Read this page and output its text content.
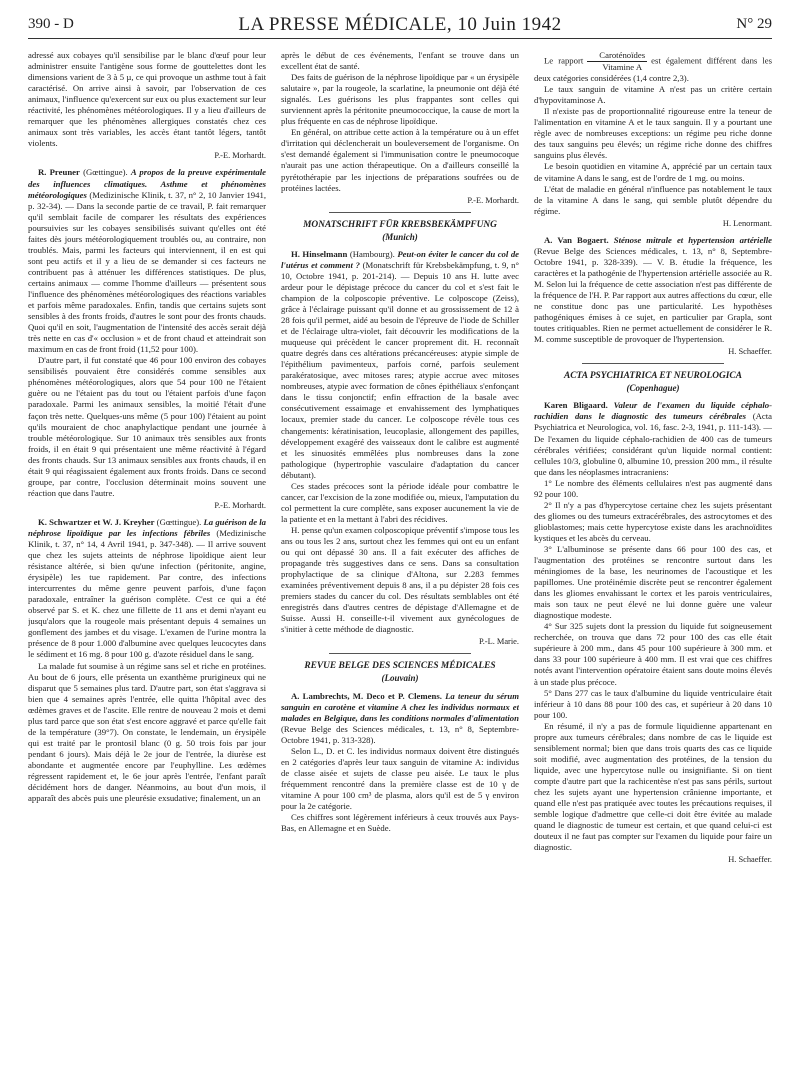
390 - D	LA PRESSE MÉDICALE, 10 Juin 1942	N° 29

adressé aux cobayes qu'il sensibilise par le blanc d'œuf pour leur administrer ensuite l'antigène sous forme de gouttelettes dont les dimensions varient de 3 à 5 µ, ce qui provoque un asthme tout à fait caractérisé. On arrive ainsi à savoir, par l'observation de ces animaux, l'influence qu'exercent sur eux ou plus exactement sur leur réactivité, les phénomènes météorologiques. Il y a lieu d'ailleurs de remarquer que les phénomènes allergiques constatés chez ces animaux sont très variables, les accès étant tantôt légers, tantôt violents.

P.-E. Morhardt.

R. Preuner (Gœttingue). A propos de la preuve expérimentale des influences climatiques. Asthme et phénomènes météorologiques (Medizinische Klinik, t. 37, n° 2, 10 Janvier 1941, p. 32-34). — Dans la seconde partie de ce travail, P. fait remarquer qu'il semblait facile de comparer les résultats des expériences poursuivies sur les cobayes sensibilisés suivant qu'elles ont été faites dès jours météorologiquement troublés ou, au contraire, non troublés. Mais, parmi les facteurs qui interviennent, il en est qui sont peu actifs et il y a lieu de se demander si ces facteurs ne contribuent pas à atténuer les différences statistiques. De plus, certains animaux — comme l'homme d'ailleurs — présentent sous l'influence des phénomènes météorologiques des réactions variables et parfois même paradoxales. Enfin, tandis que certains sujets sont sensibles à des fronts froids, d'autres le sont pour des fronts chauds. Quoi qu'il en soit, l'augmentation de l'intensité des accès serait déjà très nette en cas d'« occlusion » et de front chaud et atteindrait son maximum en cas de front froid (11,52 pour 100).

D'autre part, il fut constaté que 46 pour 100 environ des cobayes sensibilisés pouvaient être considérés comme sensibles aux phénomènes météorologiques, alors que 54 pour 100 ne l'étaient guère ou ne l'étaient pas du tout ou l'étaient parfois d'une façon paradoxale. Parmi les animaux sensibles, la moitié l'était d'une façon très nette. Quelques-uns même (5 pour 100) l'étaient au point qu'ils mouraient de choc anaphylactique pendant une journée à trouble météorologique. Sur 10 animaux très sensibles aux fronts froids, il en était 9 qui présentaient une même réactivité à l'égard des fronts chauds. Sur 13 animaux sensibles aux fronts chauds, il en était 9 qui réagissaient également aux fronts froids. Dans ce second groupe, par contre, l'occlusion déterminait moins souvent une réaction que dans l'autre.

P.-E. Morhardt.

K. Schwartzer et W. J. Kreyher (Gœttingue). La guérison de la néphrose lipoïdique par les infections fébriles (Medizinische Klinik, t. 37, n° 14, 4 Avril 1941, p. 347-348). — Il arrive souvent que chez les sujets atteints de néphrose lipoïdique aient leur résistance altérée, si bien qu'une infection (péritonite, angine, érysipèle) les tue rapidement. Par contre, des infections intercurrentes du même genre peuvent parfois, d'une façon paradoxale, entraîner la guérison complète. C'est ce qui a été observé par S. et K. chez une fillette de 11 ans et demi n'ayant eu jusqu'alors que la rougeole mais présentant depuis 4 semaines un gonflement des jambes et du visage. L'examen de l'urine montra la présence de 8 pour 1.000 d'albumine avec quelques leucocytes dans le sédiment et 16 mg. 8 pour 100 g. d'azote résiduel dans le sang.

La malade fut soumise à un régime sans sel et riche en protéines. Au bout de 6 jours, elle présenta un exanthème prurigineux qui ne disparut que 5 semaines plus tard. D'autre part, son état s'aggrava si bien que 4 semaines après l'entrée, elle quitta l'hôpital avec des œdèmes graves et de l'ascite. Elle rentre de nouveau 2 mois et demi plus tard parce que son état s'est encore aggravé et parce qu'elle fait de la température (39°7). On constate, le lendemain, un érysipèle qui est traité par le prontosil blanc (0 g. 50 trois fois par jour pendant 6 jours). Mais déjà le 2e jour de l'entrée, la diurèse est abondante et augmentée encore par l'euphylline. Les œdèmes régressent rapidement et, le 6e jour après l'entrée, l'enfant paraît décidément hors de danger. Néanmoins, au bout d'un mois, il apparaît des abcès puis une pleurésie exsudative; finalement, un an

après le début de ces événements, l'enfant se trouve dans un excellent état de santé.

Des faits de guérison de la néphrose lipoïdique par « un érysipèle salutaire », par la rougeole, la scarlatine, la pneumonie ont déjà été signalés. Les guérisons les plus frappantes sont celles qui surviennent après la péritonite pneumococcique, la cause de mort la plus fréquente en cas de néphrose lipoïdique.

En général, on attribue cette action à la température ou à un effet d'irritation qui déclencherait un bouleversement de l'organisme. On s'est demandé également si l'immunisation contre le pneumocoque n'aurait pas une action thérapeutique. On a d'ailleurs conseillé la pyrétothérapie par les injections de préparations soufrées ou de protéines lactées.

P.-E. Morhardt.
MONATSCHRIFT FÜR KREBSBEKÄMPFUNG
(Munich)

H. Hinselmann (Hambourg). Peut-on éviter le cancer du col de l'utérus et comment ? (Monatschrift für Krebsbekämpfung, t. 9, n° 10, Octobre 1941, p. 201-214). — Depuis 10 ans H. lutte avec ardeur pour le dépistage précoce du cancer du col et s'est fait le champion de la colposcopie préventive. Le colposcope (Zeiss), grâce à l'éclairage puissant qu'il donne et au grossissement de 12 à 28 fois qu'il permet, aidé au besoin de l'épreuve de l'iode de Schiller et de l'éclairage ultra-violet, fait découvrir les modifications de la muqueuse qui précèdent le cancer proprement dit. H. reconnaît quatre degrés dans ces altérations précancéreuses: atypie simple de l'épithélium pavimenteux, parfois corné, parfois seulement parakératosique, avec mitoses rares; atypie accrue avec mitoses nombreuses, atypie avec formation de cônes épithéliaux s'enfonçant dans le tissu conjonctif; enfin effraction de la basale avec consécutivement essaimage et envahissement des lymphatiques locaux, premier stade du cancer. Le colposcope révèle tous ces changements: kératinisation, leucoplasie, allongement des papilles, développement exagéré des vaisseaux dont le calibre est augmenté et les sinuosités emmêlées plus nombreuses dans la zone pathologique (hypertrophie vasculaire d'adaptation du cancer débutant).

Ces stades précoces sont la période idéale pour combattre le cancer, car l'excision de la zone modifiée ou, mieux, l'amputation du col permettent la cure complète, sans exposer aucunement la vie de la patiente et en la mettant à l'abri des récidives.

H. pense qu'un examen colposcopique préventif s'impose tous les ans ou tous les 2 ans, surtout chez les femmes qui ont eu un enfant ou qui ont dépassé 30 ans. Il a fait exécuter des affiches de propagande très suggestives dans ce sens. Dans sa consultation prophylactique de sa clinique d'Altona, sur 2.283 femmes examinées préventivement depuis 8 ans, il a pu dépister 28 fois ces premiers stades du cancer du col. Des résultats semblables ont été enregistrés dans d'autres centres de dépistage d'Allemagne et de Suisse. Aussi H. conseille-t-il vivement aux gynécologues de s'initier à cette méthode de diagnostic.

P.-L. Marie.
REVUE BELGE DES SCIENCES MÉDICALES
(Louvain)

A. Lambrechts, M. Deco et P. Clemens. La teneur du sérum sanguin en carotène et vitamine A chez les individus normaux et malades en Belgique, dans les conditions normales d'alimentation (Revue Belge des Sciences médicales, t. 13, n° 8, Septembre-Octobre 1941, p. 313-328).

Selon L., D. et C. les individus normaux doivent être distingués en 2 catégories d'après leur taux sanguin de vitamine A: individus de classe aisée et sujets de classe peu aisée. Le taux le plus fréquemment rencontré dans la première classe est de 10 γ de vitamine A pour 100 cm³ de plasma, alors qu'il est de 5 γ environ pour la 2e catégorie.

Ces chiffres sont légèrement inférieurs à ceux trouvés aux Pays-Bas, en Allemagne et en Suède.

Le rapport $\frac{\text{Caroténoïdes}}{\text{Vitamine A}}$ est également différent dans les deux catégories considérées (1,4 contre 2,3).

Le taux sanguin de vitamine A n'est pas un critère certain d'hypovitaminose A.

Il n'existe pas de proportionnalité rigoureuse entre la teneur de l'alimentation en vitamine A et le taux sanguin. Il y a pourtant une règle avec de nombreuses exceptions: un régime peu riche donne des taux sanguins peu élevés; un régime riche donne des chiffres sanguins plus élevés.

Le besoin quotidien en vitamine A, apprécié par un certain taux de vitamine A dans le sang, est de l'ordre de 1 mg. ou moins.

L'état de maladie en général n'influence pas notablement le taux de la vitamine A dans le sang, qui semble plutôt dépendre du régime.

H. Lenormant.

A. Van Bogaert. Sténose mitrale et hypertension artérielle (Revue Belge des Sciences médicales, t. 13, n° 8, Septembre-Octobre 1941, p. 328-339). — V. B. étudie la fréquence, les caractères et la pathogénie de l'hypertension artérielle associée au R. M. Selon lui la fréquence de cette association n'est pas différente de la fréquence de l'H. P. Par rapport aux autres affections du cœur, elle ne constitue donc pas une particularité. Les hypothèses pathogéniques émises à ce sujet, en particulier par Grapla, sont toutes critiquables. Rien ne permet actuellement de considérer le R. M. comme susceptible de provoquer de l'hypertension.

H. Schaeffer.
ACTA PSYCHIATRICA ET NEUROLOGICA
(Copenhague)

Karen Bligaard. Valeur de l'examen du liquide céphalo-rachidien dans le diagnostic des tumeurs cérébrales (Acta Psychiatrica et Neurologica, vol. 16, fasc. 2-3, 1941, p. 111-143). — De l'examen du liquide céphalo-rachidien de 400 cas de tumeurs cérébrales vérifiées; considérant qu'un liquide normal contient: cellules 10/3, globuline 0, albumine 10, pression 200 mm., il résulte que dans les néoplasmes intracraniens:

1° Le nombre des éléments cellulaires n'est pas augmenté dans 92 pour 100.

2° Il n'y a pas d'hypercytose certaine chez les sujets présentant des gliomes ou des tumeurs extracérébrales, des astrocytomes et des glioblastomes; mais cette hypercytose existe dans les arachnoïdites kystiques et les abcès du cerveau.

3° L'albuminose se présente dans 66 pour 100 des cas, et l'augmentation des protéines se rencontre surtout dans les méningiomes de la base, les neurinomes de l'acoustique et les papillomes. Une protéinémie discrète peut se rencontrer également dans les gliomes envahissant le cortex et les parois ventriculaires, mais son taux ne peut élevé ne lui donne guère une valeur diagnostique modeste.

4° Sur 325 sujets dont la pression du liquide fut soigneusement recherchée, on trouva que dans 72 pour 100 des cas elle était supérieure à 200 mm., dans 45 pour 100 supérieure à 300 mm. et dans 33 pour 100 supérieure à 400 mm. Il est vrai que ces chiffres notés avant l'intervention opératoire étaient sans doute moins élevés à un stade plus précoce.

5° Dans 277 cas le taux d'albumine du liquide ventriculaire était inférieur à 10 dans 88 pour 100 des cas, et supérieur à 20 dans 10 pour 100.

En résumé, il n'y a pas de formule liquidienne appartenant en propre aux tumeurs cérébrales; dans nombre de cas le liquide est sensiblement normal; bien que dans trois quarts des cas ce liquide soit modifié, avec augmentation des protéines, de la tension du liquide, avec une hypercytose nulle ou insignifiante. Si on tient compte d'autre part que la rachicentèse n'est pas sans périls, surtout chez les sujets ayant une hypertension crânienne importante, et quand elle n'est pas pratiquée avec toutes les précautions requises, il semble logique d'admettre que celle-ci doit être évitée au malade quand le diagnostic de tumeur est certain, et que quand celui-ci est douteux il ne faut pas compter sur l'examen du liquide pour faire un diagnostic.

H. Schaeffer.
